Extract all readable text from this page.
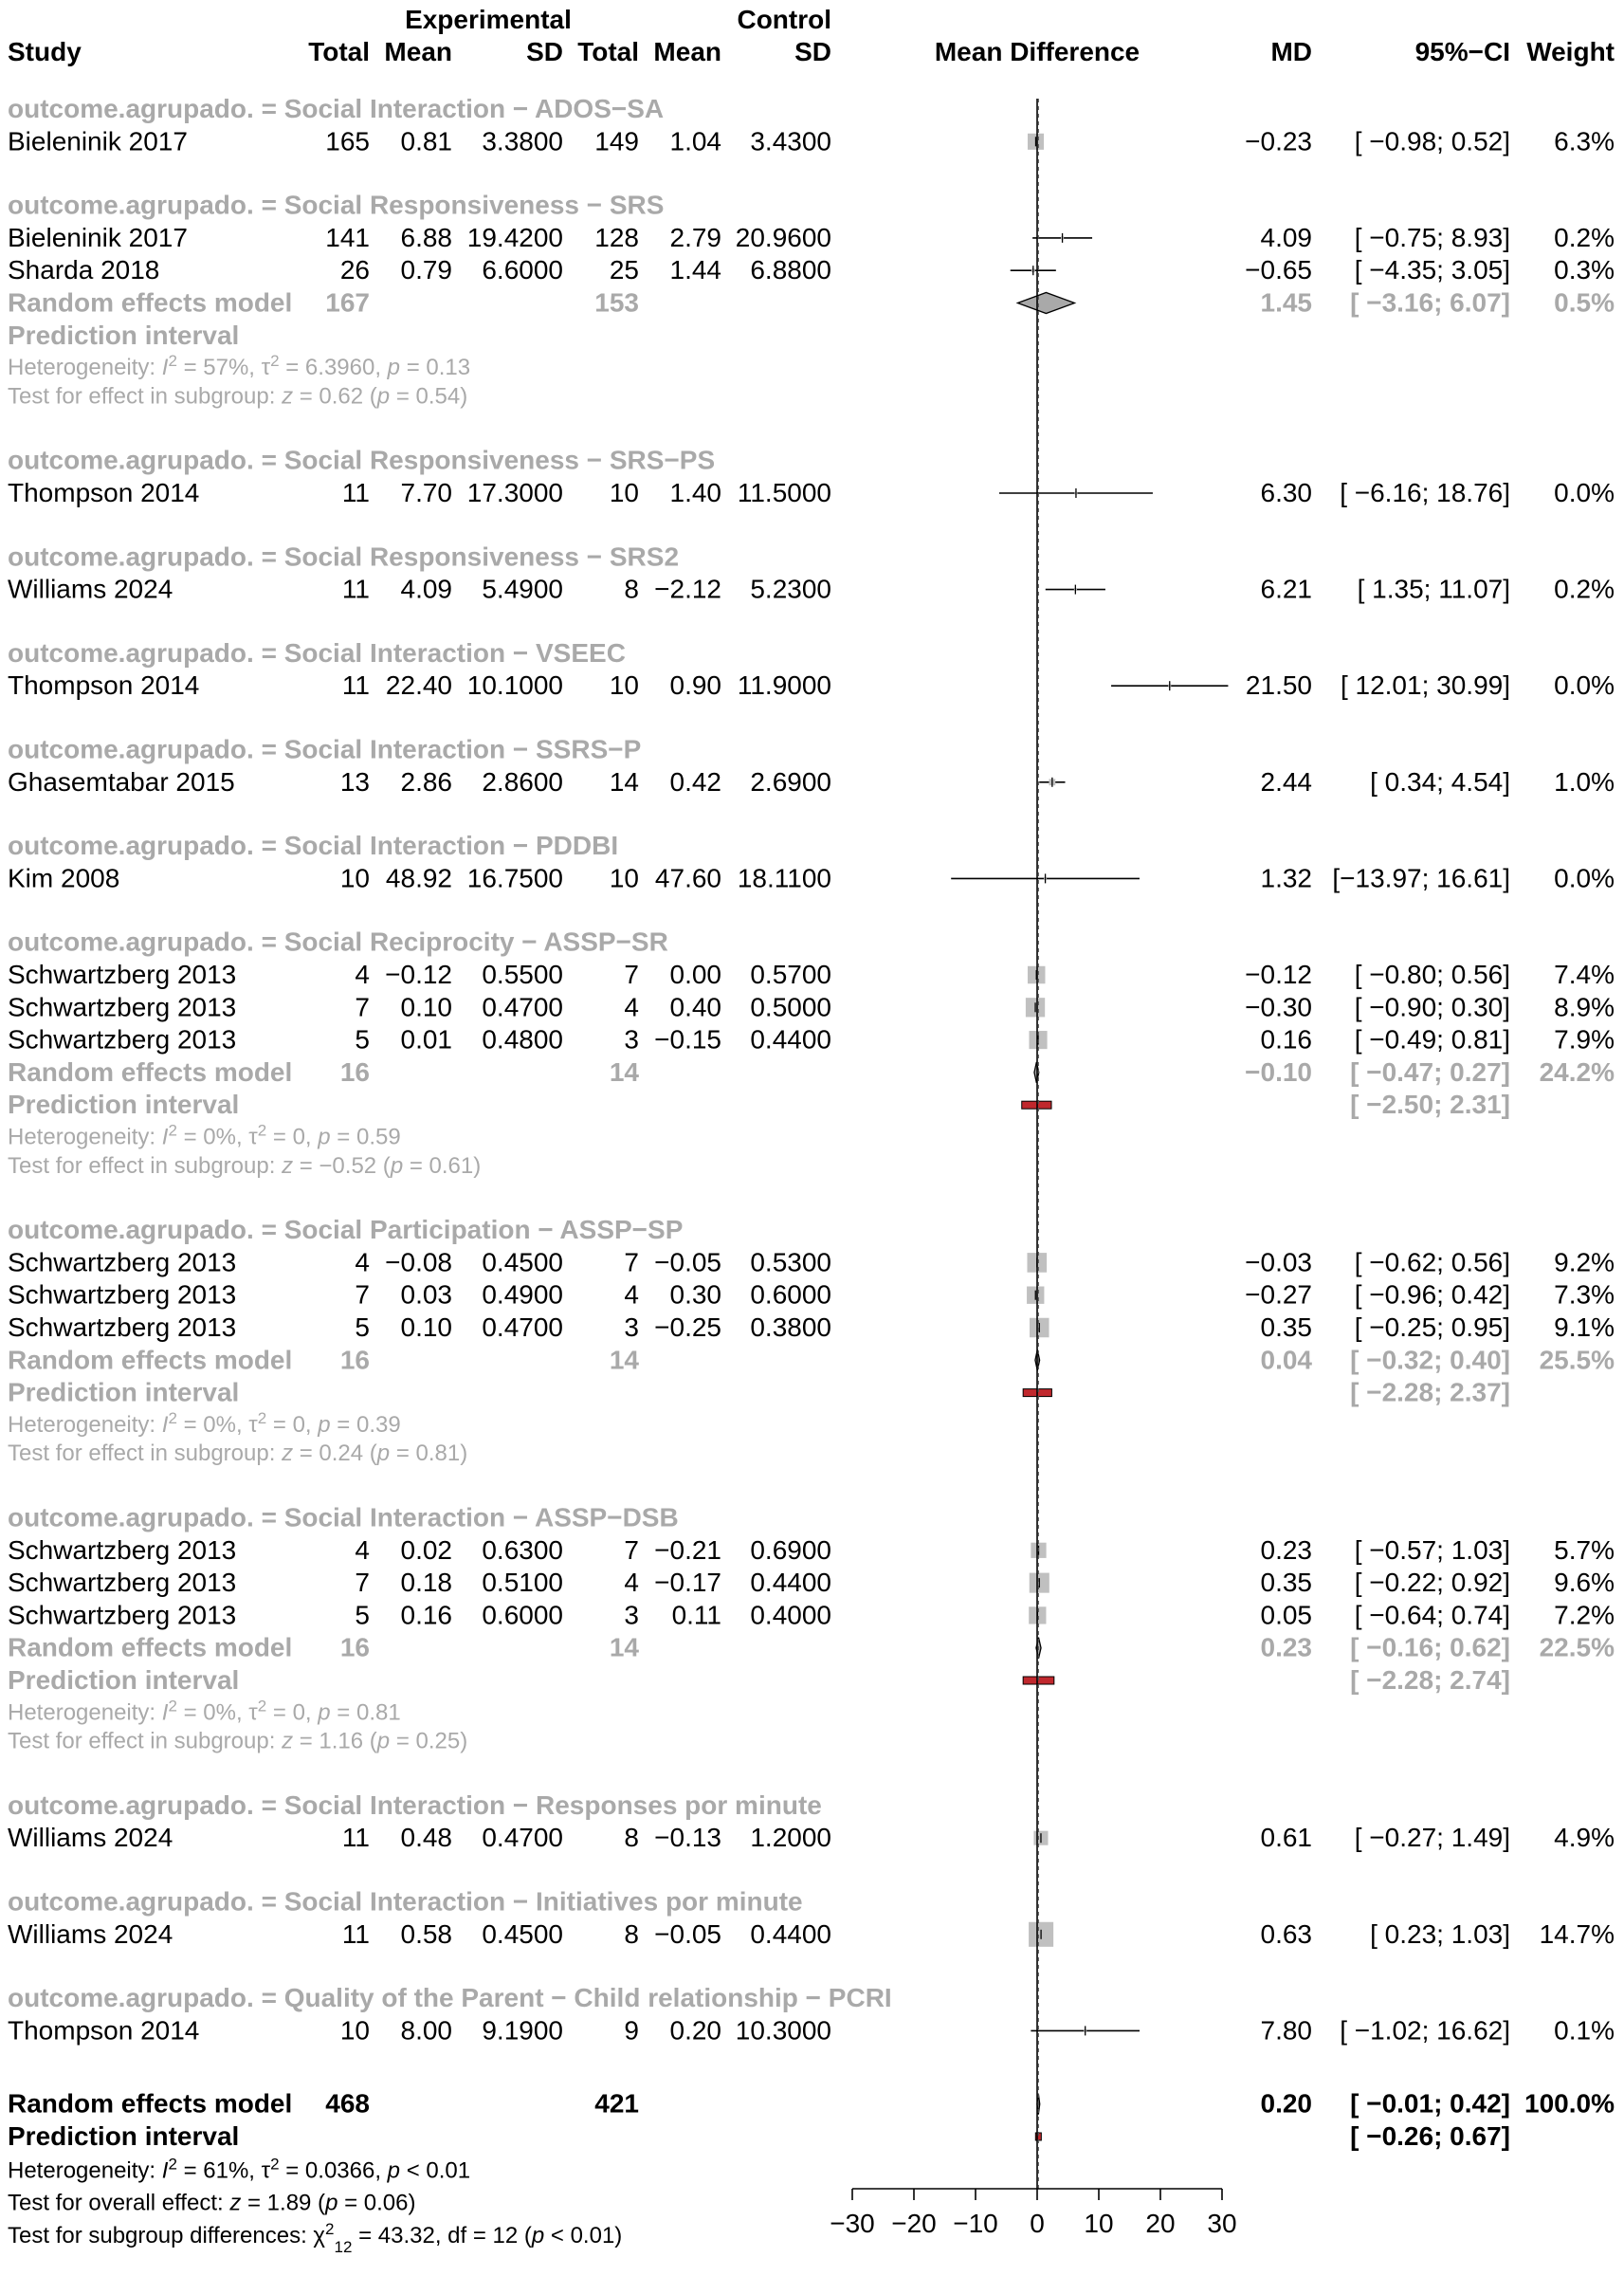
Experimental	Control
Study	Total Mean	SD Total Mean	SD	Mean Difference	MD	95%−CI Weight
outcome.agrupado. = Social Interaction − ADOS−SA
Bieleninik 2017	165 0.81 3.3800 149 1.04 3.4300	−0.23 [ −0.98; 0.52] 6.3%
outcome.agrupado. = Social Responsiveness − SRS
Bieleninik 2017	141 6.88 19.4200 128 2.79 20.9600	4.09 [ −0.75; 8.93] 0.2%
Sharda 2018	26 0.79 6.6000 25 1.44 6.8800	−0.65 [ −4.35; 3.05] 0.3%
Random effects model 167	153	1.45 [ −3.16; 6.07] 0.5%
Prediction interval
Heterogeneity: $I^2 = 57\%$, $\tau^2 = 6.3960$, p = 0.13
Test for effect in subgroup: z = 0.62 (p = 0.54)
outcome.agrupado. = Social Responsiveness − SRS−PS
Thompson 2014	11 7.70 17.3000 10 1.40 11.5000	6.30 [ −6.16; 18.76] 0.0%
outcome.agrupado. = Social Responsiveness − SRS2
Williams 2024	11 4.09 5.4900 8 −2.12 5.2300	6.21 [ 1.35; 11.07] 0.2%
outcome.agrupado. = Social Interaction − VSEEC
Thompson 2014	11 22.40 10.1000 10 0.90 11.9000	21.50 [ 12.01; 30.99] 0.0%
outcome.agrupado. = Social Interaction − SSRS−P
Ghasemtabar 2015	13 2.86 2.8600 14 0.42 2.6900	2.44 [ 0.34; 4.54] 1.0%
outcome.agrupado. = Social Interaction − PDDBI
Kim 2008	10 48.92 16.7500 10 47.60 18.1100	1.32 [−13.97; 16.61] 0.0%
outcome.agrupado. = Social Reciprocity − ASSP−SR
Schwartzberg 2013	4 −0.12 0.5500 7 0.00 0.5700	−0.12 [ −0.80; 0.56] 7.4%
Schwartzberg 2013	7 0.10 0.4700 4 0.40 0.5000	−0.30 [ −0.90; 0.30] 8.9%
Schwartzberg 2013	5 0.01 0.4800 3 −0.15 0.4400	0.16 [ −0.49; 0.81] 7.9%
Random effects model 16	14	−0.10 [ −0.47; 0.27] 24.2%
Prediction interval	[ −2.50; 2.31]
Heterogeneity: $I^2 = 0\%$, $\tau^2 = 0$, p = 0.59
Test for effect in subgroup: z = −0.52 (p = 0.61)
outcome.agrupado. = Social Participation − ASSP−SP
Schwartzberg 2013	4 −0.08 0.4500 7 −0.05 0.5300	−0.03 [ −0.62; 0.56] 9.2%
Schwartzberg 2013	7 0.03 0.4900 4 0.30 0.6000	−0.27 [ −0.96; 0.42] 7.3%
Schwartzberg 2013	5 0.10 0.4700 3 −0.25 0.3800	0.35 [ −0.25; 0.95] 9.1%
Random effects model 16	14	0.04 [ −0.32; 0.40] 25.5%
Prediction interval	[ −2.28; 2.37]
Heterogeneity: $I^2 = 0\%$, $\tau^2 = 0$, p = 0.39
Test for effect in subgroup: z = 0.24 (p = 0.81)
outcome.agrupado. = Social Interaction − ASSP−DSB
Schwartzberg 2013	4 0.02 0.6300 7 −0.21 0.6900	0.23 [ −0.57; 1.03] 5.7%
Schwartzberg 2013	7 0.18 0.5100 4 −0.17 0.4400	0.35 [ −0.22; 0.92] 9.6%
Schwartzberg 2013	5 0.16 0.6000 3 0.11 0.4000	0.05 [ −0.64; 0.74] 7.2%
Random effects model 16	14	0.23 [ −0.16; 0.62] 22.5%
Prediction interval	[ −2.28; 2.74]
Heterogeneity: $I^2 = 0\%$, $\tau^2 = 0$, p = 0.81
Test for effect in subgroup: z = 1.16 (p = 0.25)
outcome.agrupado. = Social Interaction − Responses por minute
Williams 2024	11 0.48 0.4700 8 −0.13 1.2000	0.61 [ −0.27; 1.49] 4.9%
outcome.agrupado. = Social Interaction − Initiatives por minute
Williams 2024	11 0.58 0.4500 8 −0.05 0.4400	0.63 [ 0.23; 1.03] 14.7%
outcome.agrupado. = Quality of the Parent − Child relationship − PCRI
Thompson 2014	10 8.00 9.1900 9 0.20 10.3000	7.80 [ −1.02; 16.62] 0.1%
Random effects model 468	421	0.20 [ −0.01; 0.42] 100.0%
Prediction interval	[ −0.26; 0.67]
Heterogeneity: $I^2 = 61\%$, $\tau^2 = 0.0366$, p < 0.01
Test for overall effect: z = 1.89 (p = 0.06)
Test for subgroup differences: $\chi^2_{12} = 43.32$, df = 12 (p < 0.01)	−30 −20 −10 0 10 20 30
